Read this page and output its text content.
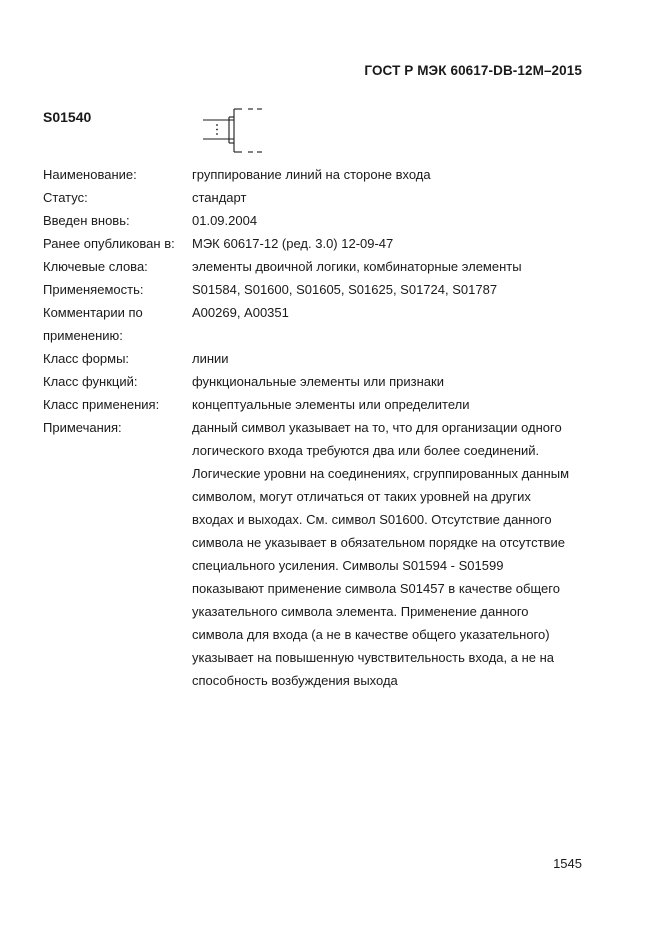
ГОСТ Р МЭК 60617-DB-12М–2015
S01540
Наименование:	группирование линий на стороне входа
Статус:	стандарт
Введен вновь:	01.09.2004
Ранее опубликован в:	МЭК 60617-12 (ред. 3.0) 12-09-47
Ключевые слова:	элементы двоичной логики, комбинаторные элементы
Применяемость:	S01584, S01600, S01605, S01625, S01724, S01787
Комментарии по
применению:
А00269, А00351
Класс формы:	линии
Класс функций:	функциональные элементы или признаки
Класс применения:	концептуальные элементы или определители
Примечания:	данный символ указывает на то, что для организации одного
логического входа требуются два или более соединений.
Логические уровни на соединениях, сгруппированных данным
символом, могут отличаться от таких уровней на других
входах и выходах. См. символ S01600. Отсутствие данного
символа не указывает в обязательном порядке на отсутствие
специального усиления. Символы S01594 - S01599
показывают применение символа S01457 в качестве общего
указательного символа элемента. Применение данного
символа для входа (а не в качестве общего указательного)
указывает на повышенную чувствительность входа, а не на
способность возбуждения выхода
1545
